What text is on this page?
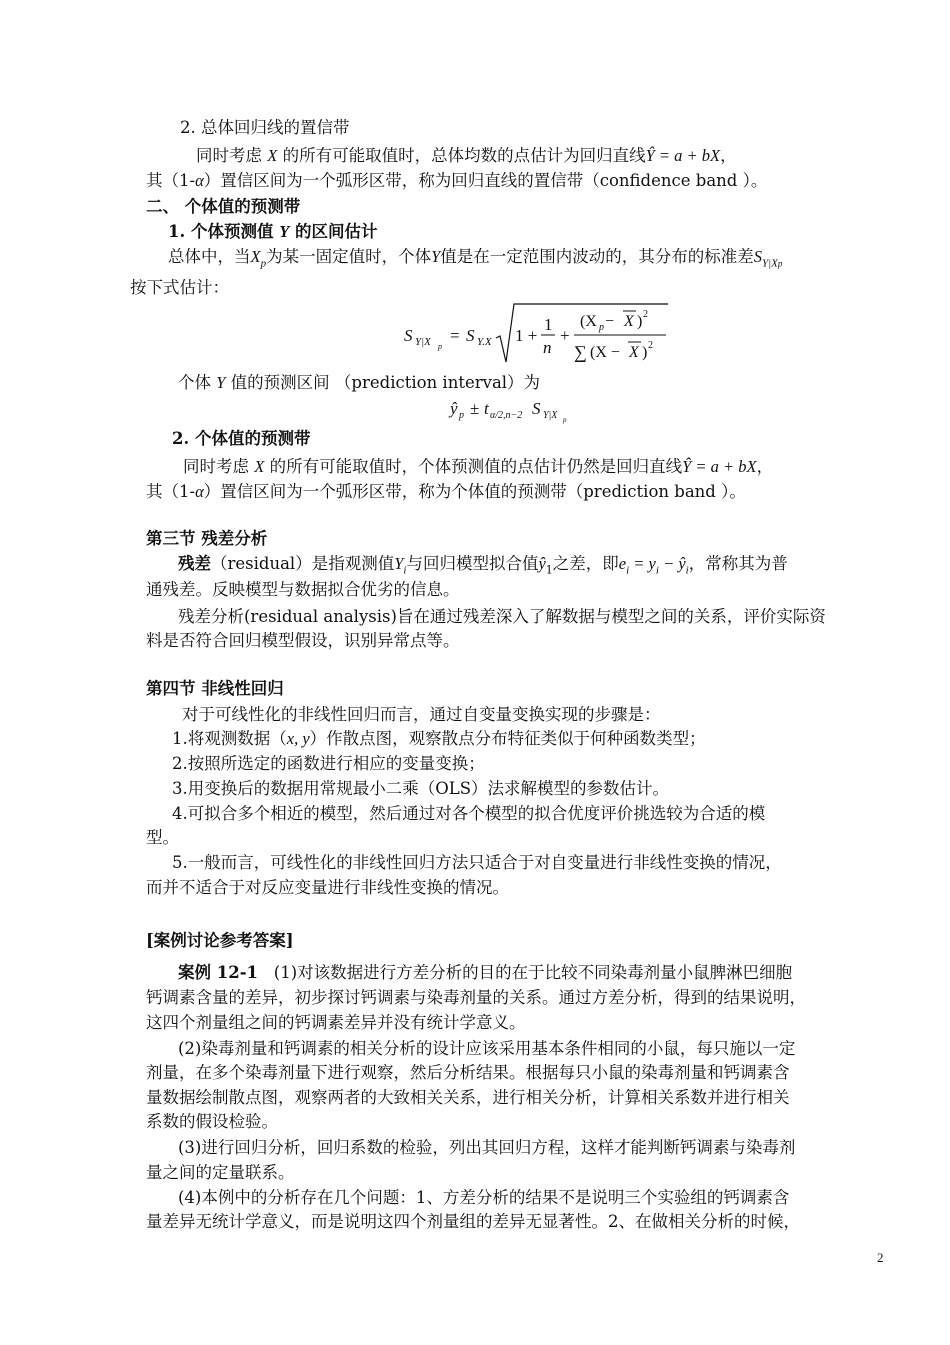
2. 总体回归线的置信带
同时考虑 X 的所有可能取值时，总体均数的点估计为回归直线Ŷ = a + bX，
其（1-α）置信区间为一个弧形区带，称为回归直线的置信带（confidence band ）。
二、 个体值的预测带
1. 个体预测值 Y 的区间估计
总体中，当$X_p$为某一固定值时，个体Y值是在一定范围内波动的，其分布的标准差$S_{Y|Xp}$
按下式估计：
S Y|X p
= S Y.X 1 +
1
n
+
(X p − X ) 2
∑ (X − X ) 2
个体 Y 值的预测区间 （prediction interval）为
ŷ p ± t α/2,n−2 S Y|X p
2. 个体值的预测带
同时考虑 X 的所有可能取值时，个体预测值的点估计仍然是回归直线Ŷ = a + bX，
其（1-α）置信区间为一个弧形区带，称为个体值的预测带（prediction band ）。
第三节 残差分析
残差（residual）是指观测值$Y_i$与回归模型拟合值$ŷ_1$之差，即$e_i = y_i$ − $ŷ_i$，常称其为普
通残差。反映模型与数据拟合优劣的信息。
残差分析(residual analysis)旨在通过残差深入了解数据与模型之间的关系，评价实际资
料是否符合回归模型假设，识别异常点等。
第四节 非线性回归
对于可线性化的非线性回归而言，通过自变量变换实现的步骤是：
1.将观测数据（x, y）作散点图，观察散点分布特征类似于何种函数类型；
2.按照所选定的函数进行相应的变量变换；
3.用变换后的数据用常规最小二乘（OLS）法求解模型的参数估计。
4.可拟合多个相近的模型，然后通过对各个模型的拟合优度评价挑选较为合适的模
型。
5.一般而言，可线性化的非线性回归方法只适合于对自变量进行非线性变换的情况，
而并不适合于对反应变量进行非线性变换的情况。
[案例讨论参考答案]
案例 12-1 (1)对该数据进行方差分析的目的在于比较不同染毒剂量小鼠脾淋巴细胞
钙调素含量的差异，初步探讨钙调素与染毒剂量的关系。通过方差分析，得到的结果说明，
这四个剂量组之间的钙调素差异并没有统计学意义。
(2)染毒剂量和钙调素的相关分析的设计应该采用基本条件相同的小鼠，每只施以一定
剂量，在多个染毒剂量下进行观察，然后分析结果。根据每只小鼠的染毒剂量和钙调素含
量数据绘制散点图，观察两者的大致相关关系，进行相关分析，计算相关系数并进行相关
系数的假设检验。
(3)进行回归分析，回归系数的检验，列出其回归方程，这样才能判断钙调素与染毒剂
量之间的定量联系。
(4)本例中的分析存在几个问题：1、方差分析的结果不是说明三个实验组的钙调素含
量差异无统计学意义，而是说明这四个剂量组的差异无显著性。2、在做相关分析的时候，
2
